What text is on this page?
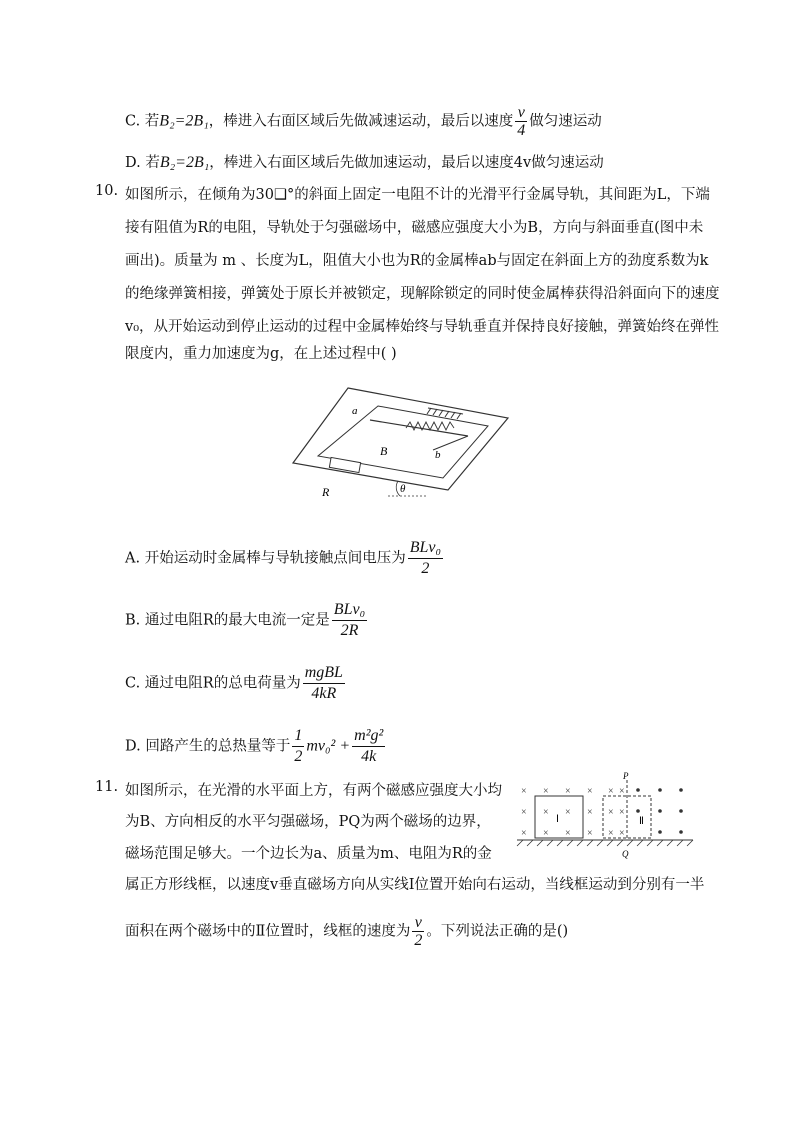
C. 若B₂=2B₁，棒进入右面区域后先做减速运动，最后以速度 $\frac{v}{4}$ 做匀速运动
D. 若B₂=2B₁，棒进入右面区域后先做加速运动，最后以速度4v做匀速运动
10. 如图所示，在倾角为30❑°的斜面上固定一电阻不计的光滑平行金属导轨，其间距为L，下端
接有阻值为R的电阻，导轨处于匀强磁场中，磁感应强度大小为B，方向与斜面垂直(图中未
画出)。质量为 m 、长度为L，阻值大小也为R的金属棒ab与固定在斜面上方的劲度系数为k
的绝缘弹簧相接，弹簧处于原长并被锁定，现解除锁定的同时使金属棒获得沿斜面向下的速度
v₀，从开始运动到停止运动的过程中金属棒始终与导轨垂直并保持良好接触，弹簧始终在弹性
限度内，重力加速度为g，在上述过程中( )
a
b
B
R	θ
A. 开始运动时金属棒与导轨接触点间电压为 $\frac{\text{BLv₀}}{2}$
B. 通过电阻R的最大电流一定是 $\frac{\text{BLv₀}}{2R}$
C. 通过电阻R的总电荷量为 $\frac{\text{mgBL}}{4kR}$
D. 回路产生的总热量等于 $\frac{1}{2} mv_0^2 + \frac{\text{m²g²}}{4k}$
11. 如图所示，在光滑的水平面上方，有两个磁感应强度大小均
为B、方向相反的水平匀强磁场，PQ为两个磁场的边界，
磁场范围足够大。一个边长为a、质量为m、电阻为R的金
属正方形线框，以速度v垂直磁场方向从实线Ⅰ位置开始向右运动，当线框运动到分别有一半
面积在两个磁场中的Ⅱ位置时，线框的速度为 $\frac{v}{2}$ 。下列说法正确的是()
× × × × ×
× × × × ×
× × × × ×
×
×
×
P
Q
Ⅰ	Ⅱ
